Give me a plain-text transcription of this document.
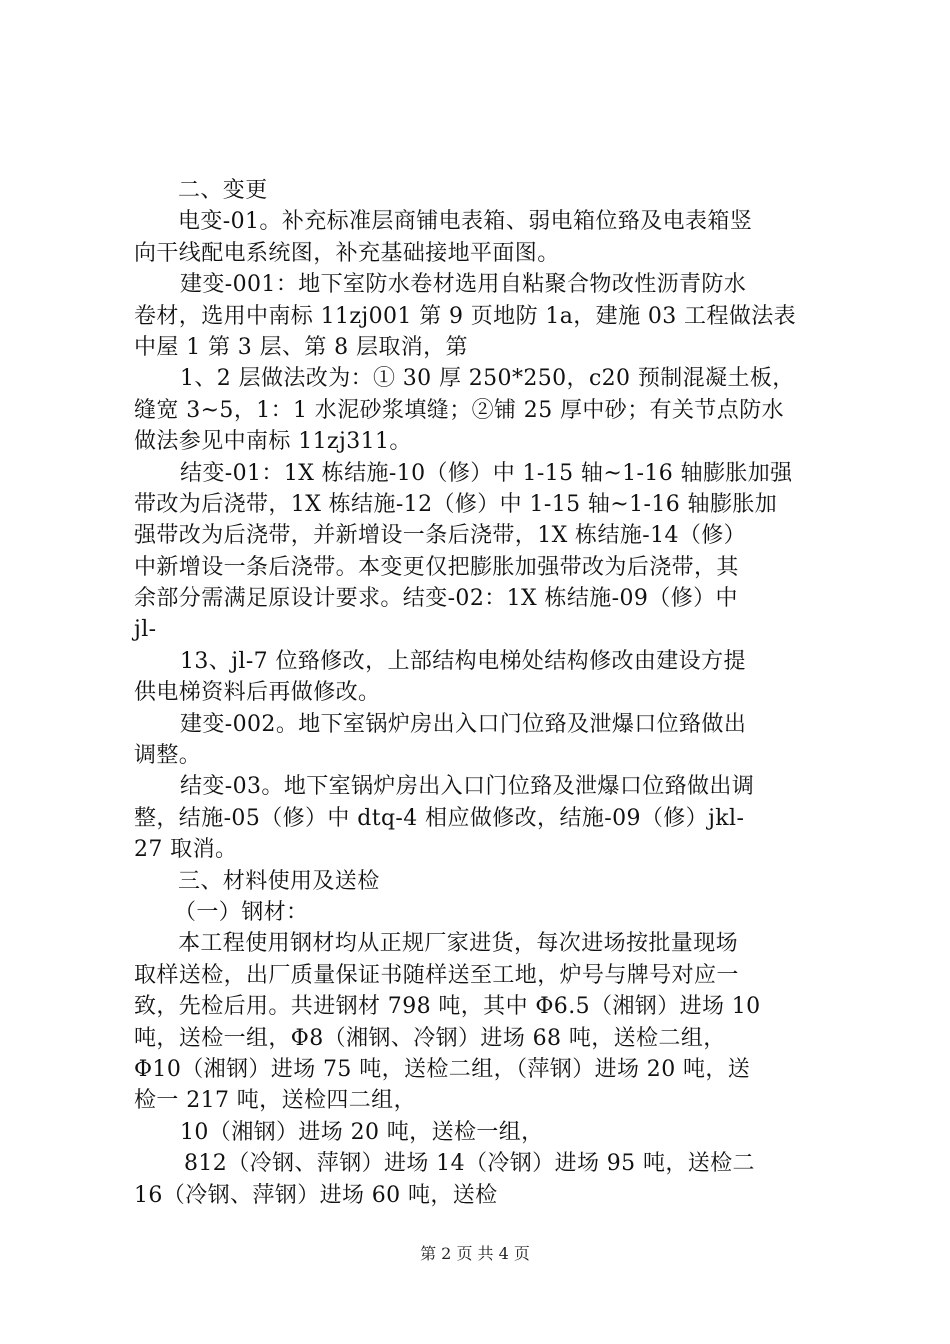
二、变更
电变-01。补充标准层商铺电表箱、弱电箱位臵及电表箱竖
向干线配电系统图，补充基础接地平面图。
建变-001：地下室防水卷材选用自粘聚合物改性沥青防水
卷材，选用中南标 11zj001 第 9 页地防 1a，建施 03 工程做法表
中屋 1 第 3 层、第 8 层取消，第
1、2 层做法改为：① 30 厚 250*250，c20 预制混凝土板，
缝宽 3~5，1：1 水泥砂浆填缝；②铺 25 厚中砂；有关节点防水
做法参见中南标 11zj311。
结变-01：1X 栋结施-10（修）中 1-15 轴~1-16 轴膨胀加强
带改为后浇带，1X 栋结施-12（修）中 1-15 轴~1-16 轴膨胀加
强带改为后浇带，并新增设一条后浇带，1X 栋结施-14（修）
中新增设一条后浇带。本变更仅把膨胀加强带改为后浇带，其
余部分需满足原设计要求。结变-02：1X 栋结施-09（修）中
jl-
13、jl-7 位臵修改，上部结构电梯处结构修改由建设方提
供电梯资料后再做修改。
建变-002。地下室锅炉房出入口门位臵及泄爆口位臵做出
调整。
结变-03。地下室锅炉房出入口门位臵及泄爆口位臵做出调
整，结施-05（修）中 dtq-4 相应做修改，结施-09（修）jkl-
27 取消。
三、材料使用及送检
（一）钢材：
本工程使用钢材均从正规厂家进货，每次进场按批量现场
取样送检，出厂质量保证书随样送至工地，炉号与牌号对应一
致，先检后用。共进钢材 798 吨，其中 Φ6.5（湘钢）进场 10
吨，送检一组，Φ8（湘钢、冷钢）进场 68 吨，送检二组，
Φ10（湘钢）进场 75 吨，送检二组，（萍钢）进场 20 吨，送
检一 217 吨，送检四二组，
10（湘钢）进场 20 吨，送检一组，
812（冷钢、萍钢）进场 14（冷钢）进场 95 吨，送检二
16（冷钢、萍钢）进场 60 吨，送检
第 2 页 共 4 页
